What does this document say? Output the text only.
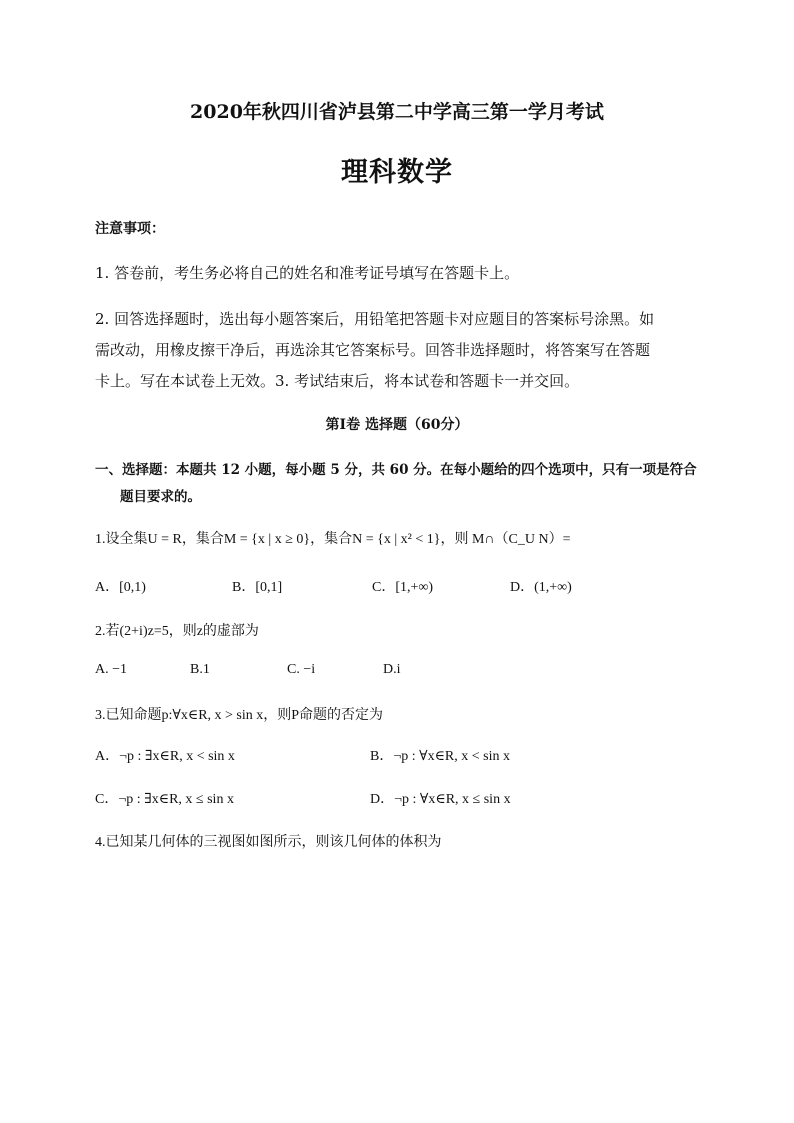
2020年秋四川省泸县第二中学高三第一学月考试
理科数学
注意事项：
1. 答卷前，考生务必将自己的姓名和准考证号填写在答题卡上。
2. 回答选择题时，选出每小题答案后，用铅笔把答题卡对应题目的答案标号涂黑。如
需改动，用橡皮擦干净后，再选涂其它答案标号。回答非选择题时，将答案写在答题
卡上。写在本试卷上无效。3. 考试结束后，将本试卷和答题卡一并交回。
第Ⅰ卷 选择题（60分）
一、选择题：本题共 12 小题，每小题 5 分，共 60 分。在每小题给的四个选项中，只有一项是符合
题目要求的。
1.设全集U = R，集合M = {x | x ≥ 0}，集合N = {x | x² < 1}，则 M∩（C_U N）=
A．[0,1)	B．[0,1]	C．[1,+∞)	D．(1,+∞)
2.若(2+i)z=5，则z的虚部为
A. −1	B.1	C. −i	D.i
3.已知命题p:∀x∈R, x > sin x，则P命题的否定为
A．¬p : ∃x∈R, x < sin x	B．¬p : ∀x∈R, x < sin x
C．¬p : ∃x∈R, x ≤ sin x	D．¬p : ∀x∈R, x ≤ sin x
4.已知某几何体的三视图如图所示，则该几何体的体积为
